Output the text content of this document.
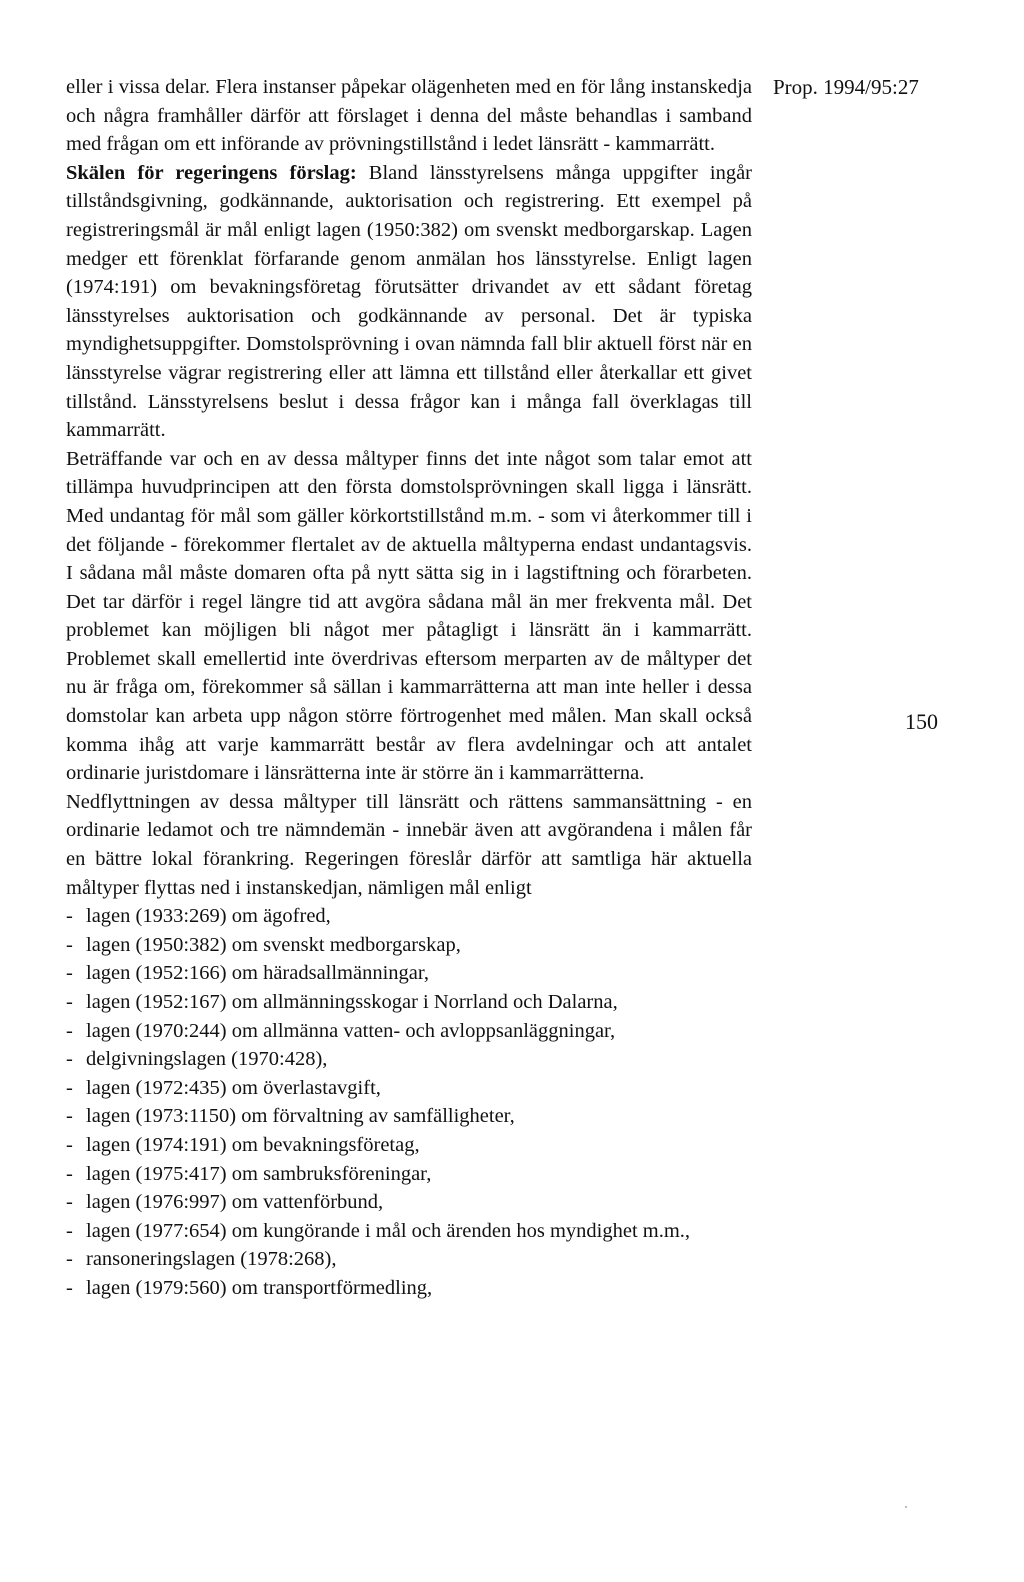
Prop. 1994/95:27
150

eller i vissa delar. Flera instanser påpekar olägenheten med en för lång instanskedja och några framhåller därför att förslaget i denna del måste behandlas i samband med frågan om ett införande av prövningstillstånd i ledet länsrätt - kammarrätt.

Skälen för regeringens förslag: Bland länsstyrelsens många uppgifter ingår tillståndsgivning, godkännande, auktorisation och registrering. Ett exempel på registreringsmål är mål enligt lagen (1950:382) om svenskt medborgarskap. Lagen medger ett förenklat förfarande genom anmälan hos länsstyrelse. Enligt lagen (1974:191) om bevakningsföretag förutsätter drivandet av ett sådant företag länsstyrelses auktorisation och godkännande av personal. Det är typiska myndighetsuppgifter. Domstolsprövning i ovan nämnda fall blir aktuell först när en länsstyrelse vägrar registrering eller att lämna ett tillstånd eller återkallar ett givet tillstånd. Länsstyrelsens beslut i dessa frågor kan i många fall överklagas till kammarrätt.

Beträffande var och en av dessa måltyper finns det inte något som talar emot att tillämpa huvudprincipen att den första domstolsprövningen skall ligga i länsrätt. Med undantag för mål som gäller körkortstillstånd m.m. - som vi återkommer till i det följande - förekommer flertalet av de aktuella måltyperna endast undantagsvis. I sådana mål måste domaren ofta på nytt sätta sig in i lagstiftning och förarbeten. Det tar därför i regel längre tid att avgöra sådana mål än mer frekventa mål. Det problemet kan möjligen bli något mer påtagligt i länsrätt än i kammarrätt. Problemet skall emellertid inte överdrivas eftersom merparten av de måltyper det nu är fråga om, förekommer så sällan i kammarrätterna att man inte heller i dessa domstolar kan arbeta upp någon större förtrogenhet med målen. Man skall också komma ihåg att varje kammarrätt består av flera avdelningar och att antalet ordinarie juristdomare i länsrätterna inte är större än i kammarrätterna.

Nedflyttningen av dessa måltyper till länsrätt och rättens sammansättning - en ordinarie ledamot och tre nämndemän - innebär även att avgörandena i målen får en bättre lokal förankring. Regeringen föreslår därför att samtliga här aktuella måltyper flyttas ned i instanskedjan, nämligen mål enligt

- lagen (1933:269) om ägofred,
- lagen (1950:382) om svenskt medborgarskap,
- lagen (1952:166) om häradsallmänningar,
- lagen (1952:167) om allmänningsskogar i Norrland och Dalarna,
- lagen (1970:244) om allmänna vatten- och avloppsanläggningar,
- delgivningslagen (1970:428),
- lagen (1972:435) om överlastavgift,
- lagen (1973:1150) om förvaltning av samfälligheter,
- lagen (1974:191) om bevakningsföretag,
- lagen (1975:417) om sambruksföreningar,
- lagen (1976:997) om vattenförbund,
- lagen (1977:654) om kungörande i mål och ärenden hos myndighet m.m.,
- ransoneringslagen (1978:268),
- lagen (1979:560) om transportförmedling,
